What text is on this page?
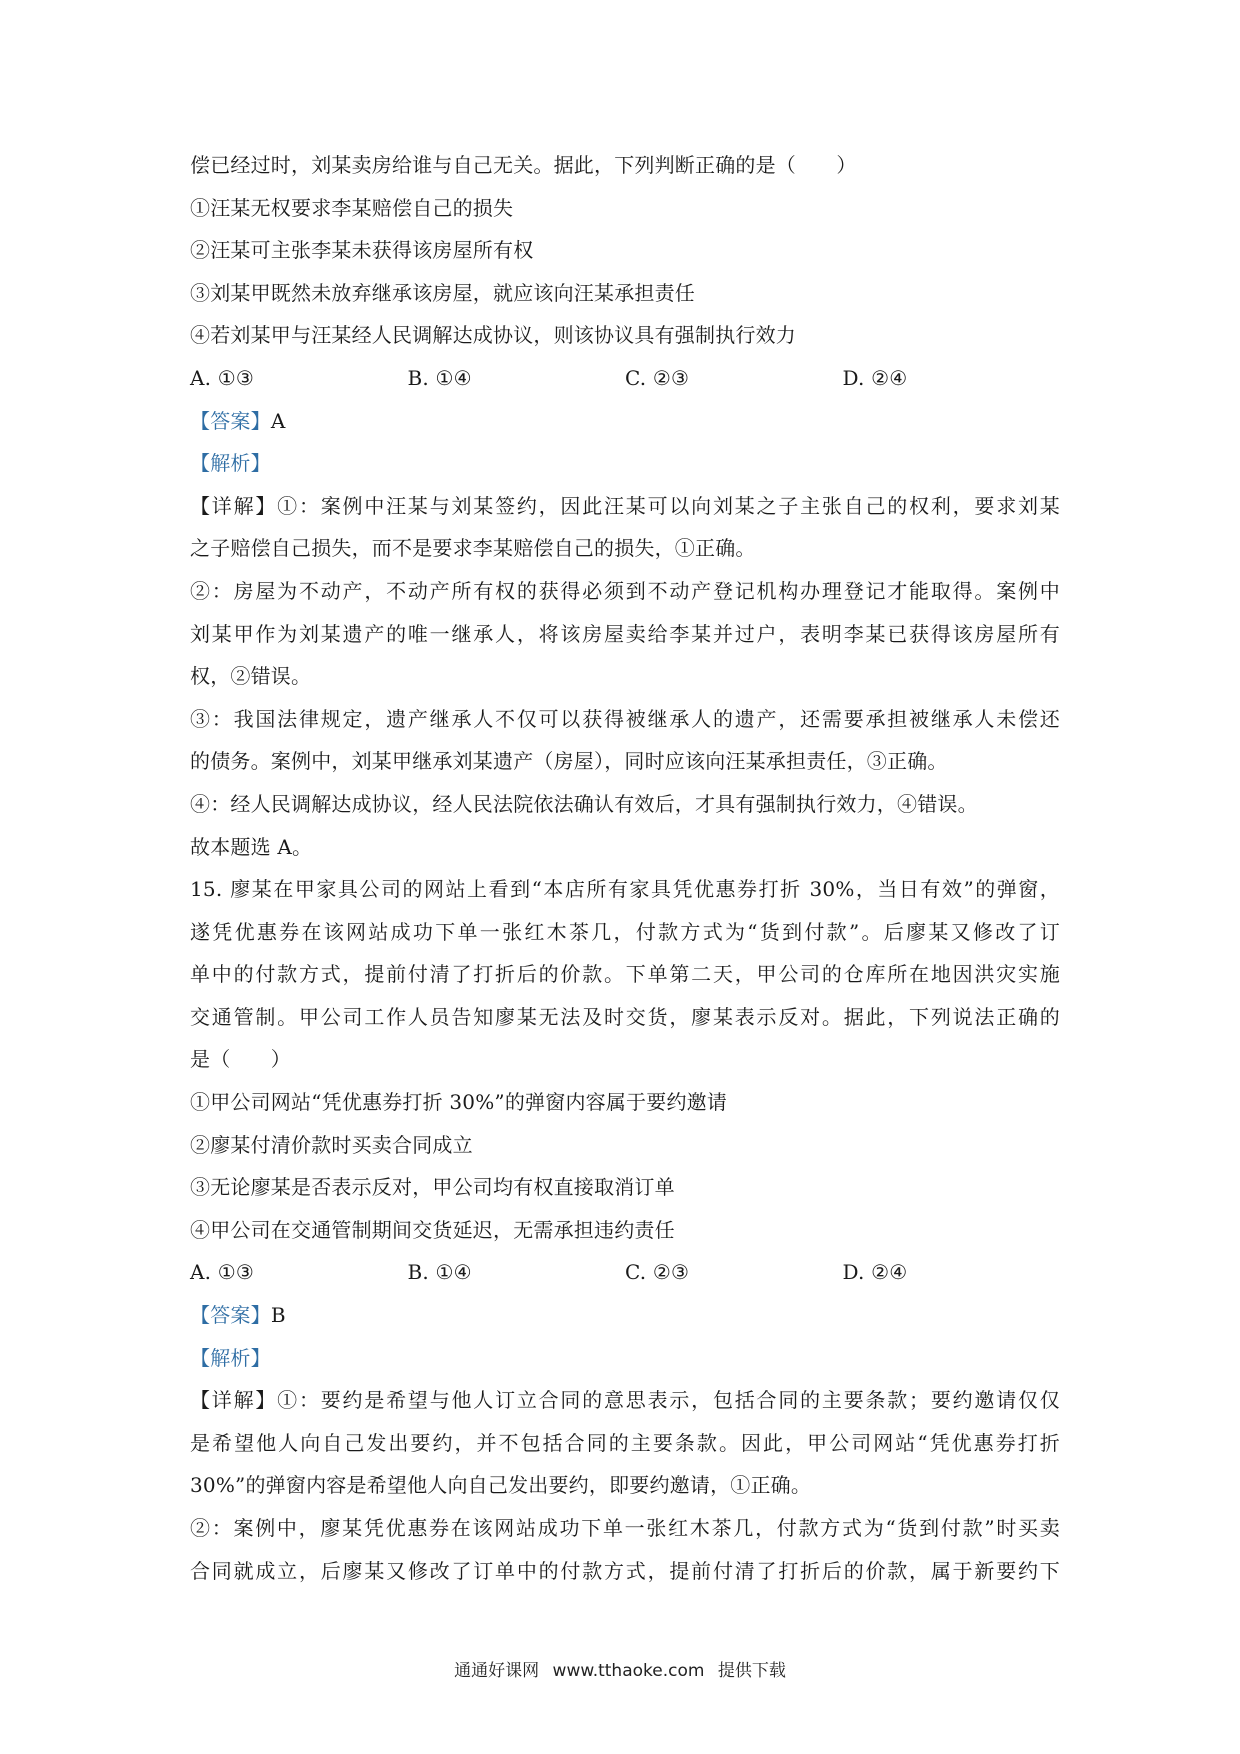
偿已经过时，刘某卖房给谁与自己无关。据此，下列判断正确的是（　　）
①汪某无权要求李某赔偿自己的损失
②汪某可主张李某未获得该房屋所有权
③刘某甲既然未放弃继承该房屋，就应该向汪某承担责任
④若刘某甲与汪某经人民调解达成协议，则该协议具有强制执行效力
A. ①③	B. ①④	C. ②③	D. ②④
【答案】A
【解析】
【详解】①：案例中汪某与刘某签约，因此汪某可以向刘某之子主张自己的权利，要求刘某
之子赔偿自己损失，而不是要求李某赔偿自己的损失，①正确。
②：房屋为不动产，不动产所有权的获得必须到不动产登记机构办理登记才能取得。案例中
刘某甲作为刘某遗产的唯一继承人，将该房屋卖给李某并过户，表明李某已获得该房屋所有
权，②错误。
③：我国法律规定，遗产继承人不仅可以获得被继承人的遗产，还需要承担被继承人未偿还
的债务。案例中，刘某甲继承刘某遗产（房屋），同时应该向汪某承担责任，③正确。
④：经人民调解达成协议，经人民法院依法确认有效后，才具有强制执行效力，④错误。
故本题选 A。
15. 廖某在甲家具公司的网站上看到“本店所有家具凭优惠券打折 30%，当日有效”的弹窗，
遂凭优惠券在该网站成功下单一张红木茶几，付款方式为“货到付款”。后廖某又修改了订
单中的付款方式，提前付清了打折后的价款。下单第二天，甲公司的仓库所在地因洪灾实施
交通管制。甲公司工作人员告知廖某无法及时交货，廖某表示反对。据此，下列说法正确的
是（　　）
①甲公司网站“凭优惠券打折 30%”的弹窗内容属于要约邀请
②廖某付清价款时买卖合同成立
③无论廖某是否表示反对，甲公司均有权直接取消订单
④甲公司在交通管制期间交货延迟，无需承担违约责任
A. ①③	B. ①④	C. ②③	D. ②④
【答案】B
【解析】
【详解】①：要约是希望与他人订立合同的意思表示，包括合同的主要条款；要约邀请仅仅
是希望他人向自己发出要约，并不包括合同的主要条款。因此，甲公司网站“凭优惠券打折
30%”的弹窗内容是希望他人向自己发出要约，即要约邀请，①正确。
②：案例中，廖某凭优惠券在该网站成功下单一张红木茶几，付款方式为“货到付款”时买卖
合同就成立，后廖某又修改了订单中的付款方式，提前付清了打折后的价款，属于新要约下
通通好课网 www.tthaoke.com 提供下载
